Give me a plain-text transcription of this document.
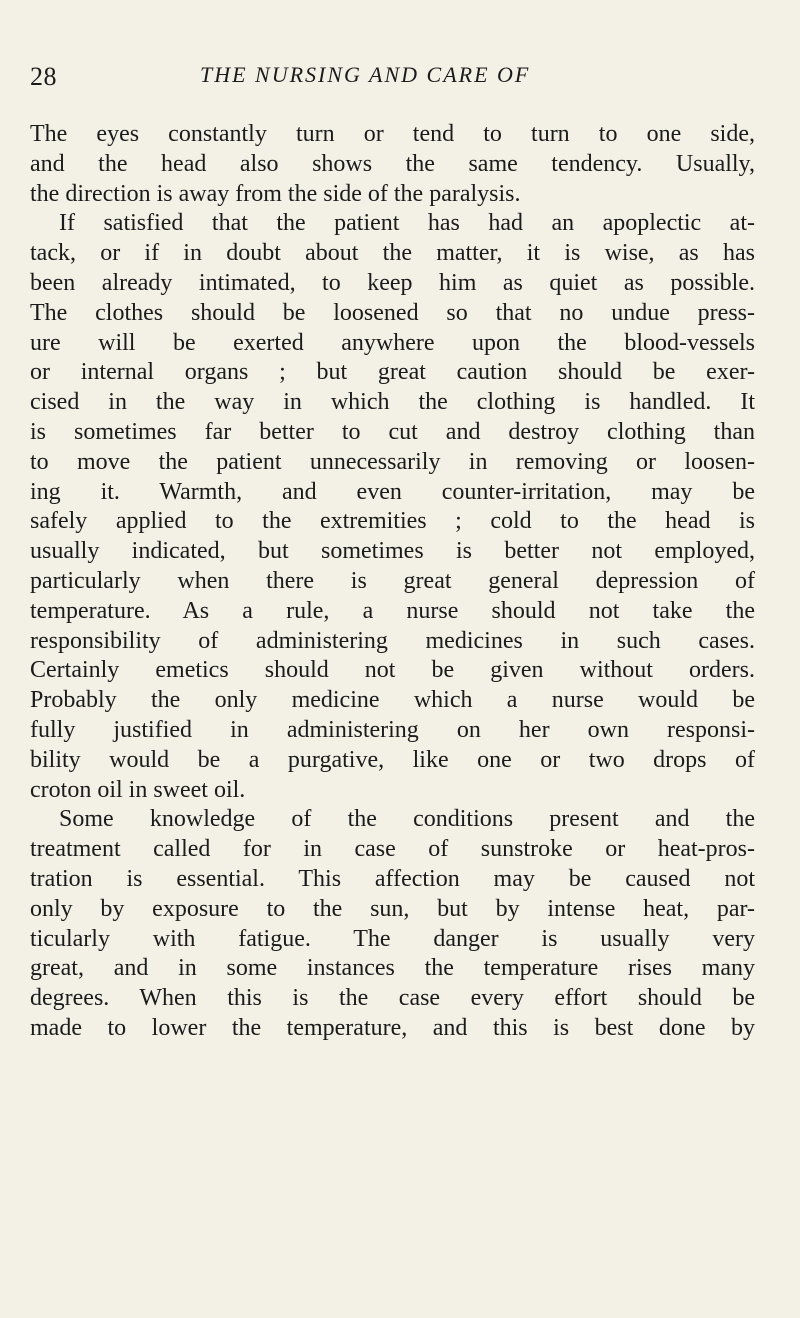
28	THE NURSING AND CARE OF
The eyes constantly turn or tend to turn to one side,
and the head also shows the same tendency. Usually,
the direction is away from the side of the paralysis.
If satisfied that the patient has had an apoplectic at-
tack, or if in doubt about the matter, it is wise, as has
been already intimated, to keep him as quiet as possible.
The clothes should be loosened so that no undue press-
ure will be exerted anywhere upon the blood-vessels
or internal organs ; but great caution should be exer-
cised in the way in which the clothing is handled. It
is sometimes far better to cut and destroy clothing than
to move the patient unnecessarily in removing or loosen-
ing it. Warmth, and even counter-irritation, may be
safely applied to the extremities ; cold to the head is
usually indicated, but sometimes is better not employed,
particularly when there is great general depression of
temperature. As a rule, a nurse should not take the
responsibility of administering medicines in such cases.
Certainly emetics should not be given without orders.
Probably the only medicine which a nurse would be
fully justified in administering on her own responsi-
bility would be a purgative, like one or two drops of
croton oil in sweet oil.
Some knowledge of the conditions present and the
treatment called for in case of sunstroke or heat-pros-
tration is essential. This affection may be caused not
only by exposure to the sun, but by intense heat, par-
ticularly with fatigue. The danger is usually very
great, and in some instances the temperature rises many
degrees. When this is the case every effort should be
made to lower the temperature, and this is best done by
